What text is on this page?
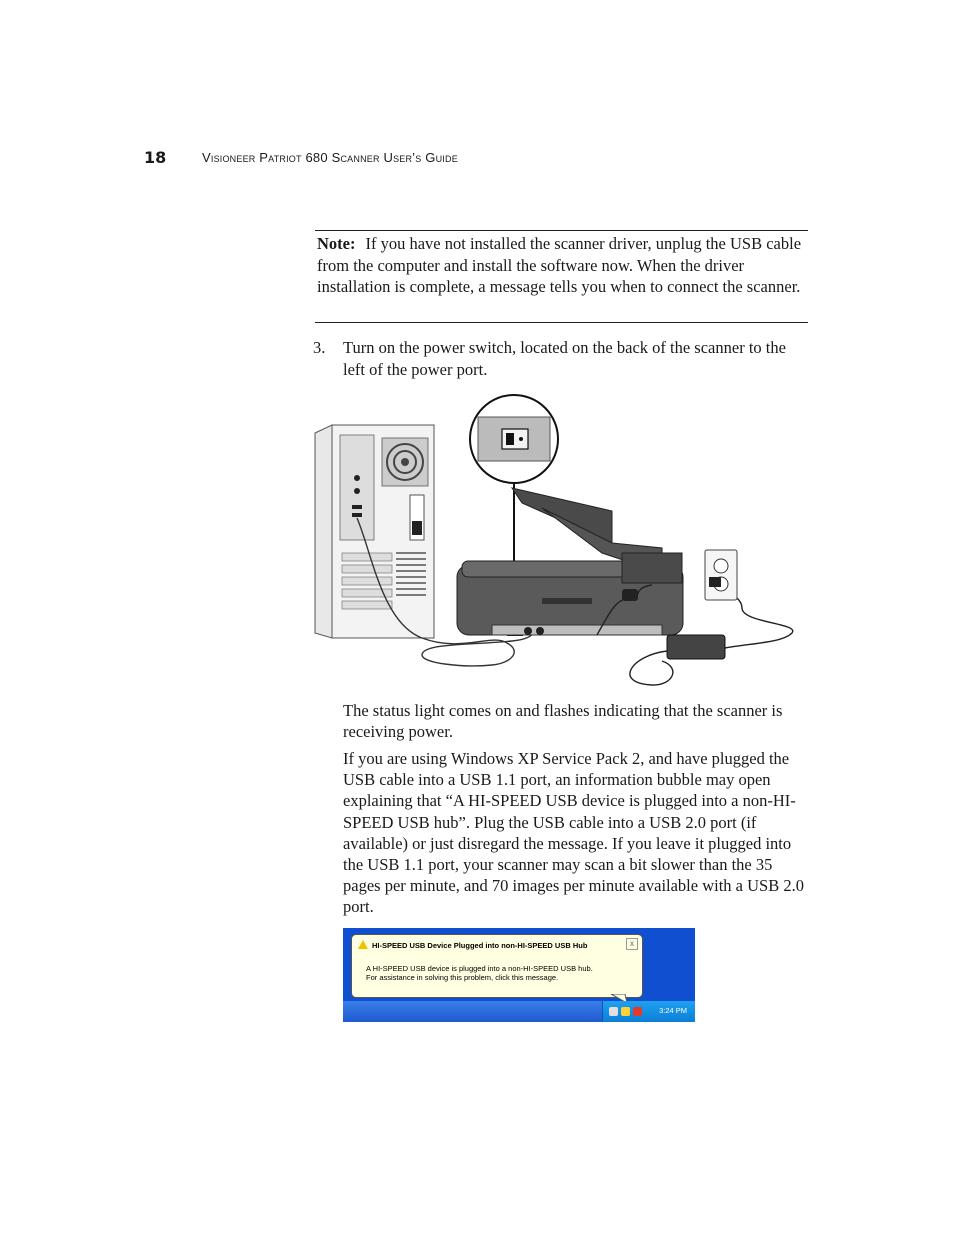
18	Visioneer Patriot 680 Scanner User’s Guide
Note: If you have not installed the scanner driver, unplug the USB cable from the computer and install the software now. When the driver installation is complete, a message tells you when to connect the scanner.
3. Turn on the power switch, located on the back of the scanner to the left of the power port.

The status light comes on and flashes indicating that the scanner is receiving power.

If you are using Windows XP Service Pack 2, and have plugged the USB cable into a USB 1.1 port, an information bubble may open explaining that “A HI-SPEED USB device is plugged into a non-HI-SPEED USB hub”. Plug the USB cable into a USB 2.0 port (if available) or just disregard the message. If you leave it plugged into the USB 1.1 port, your scanner may scan a bit slower than the 35 pages per minute, and 70 images per minute available with a USB 2.0 port.

HI-SPEED USB Device Plugged into non-HI-SPEED USB Hub
A HI-SPEED USB device is plugged into a non-HI-SPEED USB hub.
For assistance in solving this problem, click this message.
x
3:24 PM
